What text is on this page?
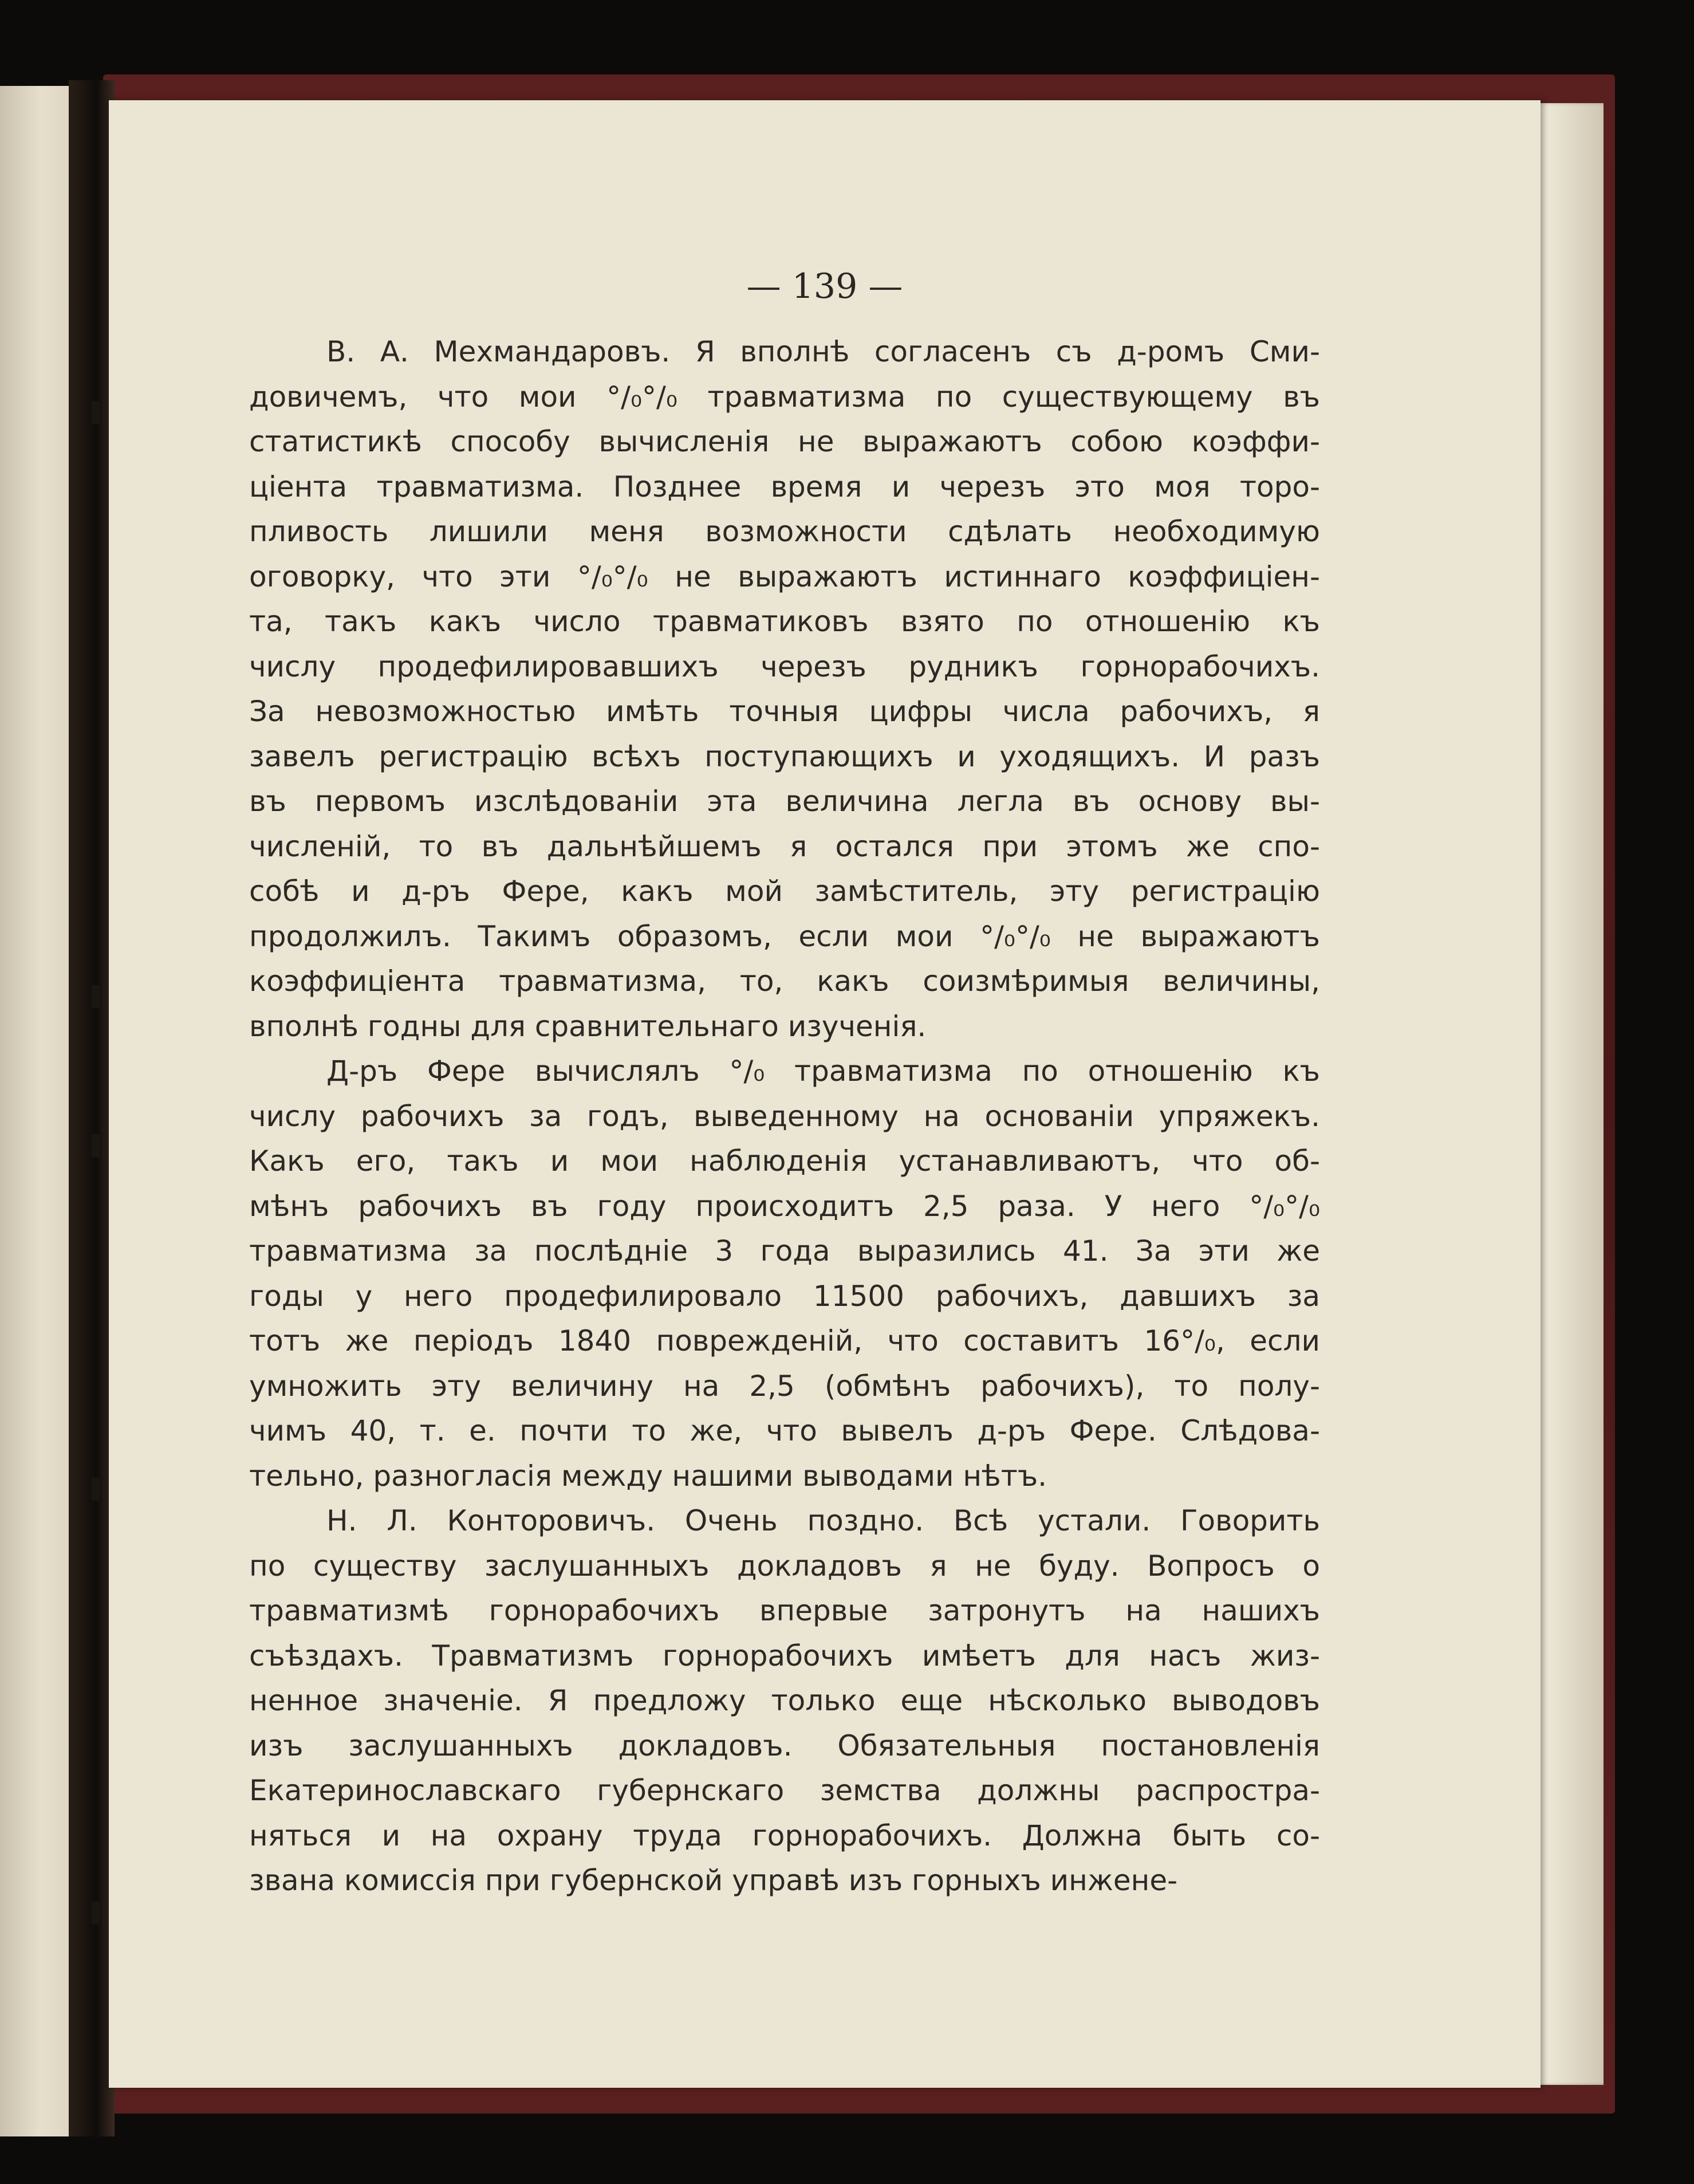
— 139 —
В. А. Мехмандаровъ. Я вполнѣ согласенъ съ д-ромъ Сми-
довичемъ, что мои °/₀°/₀ травматизма по существующему въ
статистикѣ способу вычисленія не выражаютъ собою коэффи-
ціента травматизма. Позднее время и черезъ это моя торо-
пливость лишили меня возможности сдѣлать необходимую
оговорку, что эти °/₀°/₀ не выражаютъ истиннаго коэффиціен-
та, такъ какъ число травматиковъ взято по отношенію къ
числу продефилировавшихъ черезъ рудникъ горнорабочихъ.
За невозможностью имѣть точныя цифры числа рабочихъ, я
завелъ регистрацію всѣхъ поступающихъ и уходящихъ. И разъ
въ первомъ изслѣдованіи эта величина легла въ основу вы-
численій, то въ дальнѣйшемъ я остался при этомъ же спо-
собѣ и д-ръ Фере, какъ мой замѣститель, эту регистрацію
продолжилъ. Такимъ образомъ, если мои °/₀°/₀ не выражаютъ
коэффиціента травматизма, то, какъ соизмѣримыя величины,
вполнѣ годны для сравнительнаго изученія.
Д-ръ Фере вычислялъ °/₀ травматизма по отношенію къ
числу рабочихъ за годъ, выведенному на основаніи упряжекъ.
Какъ его, такъ и мои наблюденія устанавливаютъ, что об-
мѣнъ рабочихъ въ году происходитъ 2,5 раза. У него °/₀°/₀
травматизма за послѣдніе 3 года выразились 41. За эти же
годы у него продефилировало 11500 рабочихъ, давшихъ за
тотъ же періодъ 1840 поврежденій, что составитъ 16°/₀, если
умножить эту величину на 2,5 (обмѣнъ рабочихъ), то полу-
чимъ 40, т. е. почти то же, что вывелъ д-ръ Фере. Слѣдова-
тельно, разногласія между нашими выводами нѣтъ.
Н. Л. Конторовичъ. Очень поздно. Всѣ устали. Говорить
по существу заслушанныхъ докладовъ я не буду. Вопросъ о
травматизмѣ горнорабочихъ впервые затронутъ на нашихъ
съѣздахъ. Травматизмъ горнорабочихъ имѣетъ для насъ жиз-
ненное значеніе. Я предложу только еще нѣсколько выводовъ
изъ заслушанныхъ докладовъ. Обязательныя постановленія
Екатеринославскаго губернскаго земства должны распростра-
няться и на охрану труда горнорабочихъ. Должна быть со-
звана комиссія при губернской управѣ изъ горныхъ инжене-
